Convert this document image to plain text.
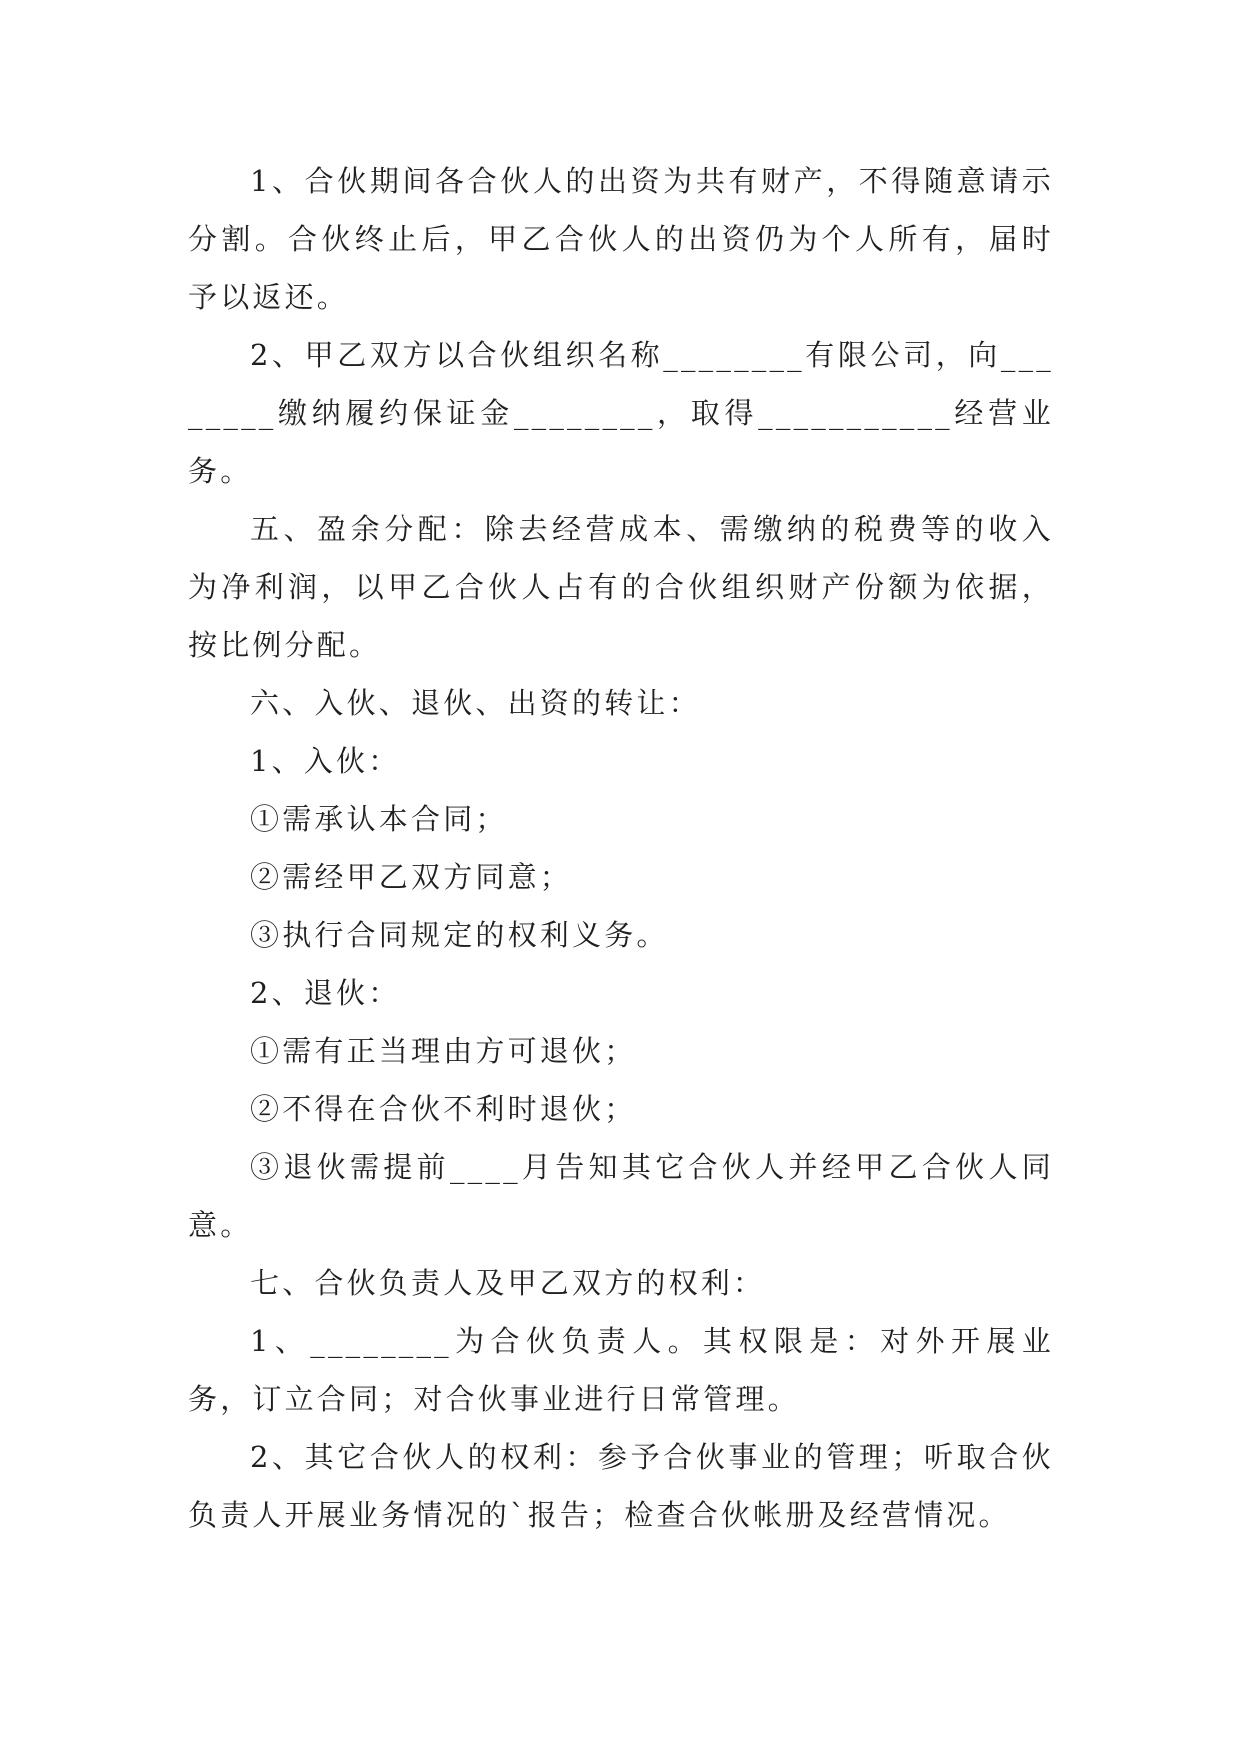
1、合伙期间各合伙人的出资为共有财产，不得随意请示分割。合伙终止后，甲乙合伙人的出资仍为个人所有，届时予以返还。

2、甲乙双方以合伙组织名称________有限公司，向________缴纳履约保证金________，取得___________经营业务。

五、盈余分配：除去经营成本、需缴纳的税费等的收入为净利润，以甲乙合伙人占有的合伙组织财产份额为依据，按比例分配。

六、入伙、退伙、出资的转让：

1、入伙：

①需承认本合同；

②需经甲乙双方同意；

③执行合同规定的权利义务。

2、退伙：

①需有正当理由方可退伙；

②不得在合伙不利时退伙；

③退伙需提前____月告知其它合伙人并经甲乙合伙人同意。

七、合伙负责人及甲乙双方的权利：

1、________为合伙负责人。其权限是：对外开展业务，订立合同；对合伙事业进行日常管理。

2、其它合伙人的权利：参予合伙事业的管理；听取合伙负责人开展业务情况的`报告；检查合伙帐册及经营情况。
